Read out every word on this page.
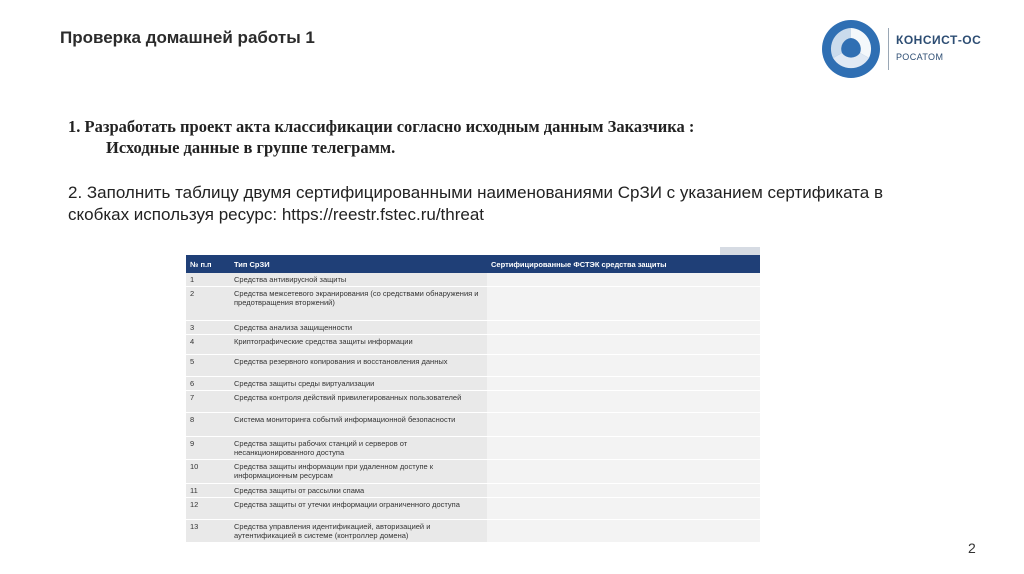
Проверка домашней работы 1	КОНСИСТ-ОС
РОСАТОМ
1. Разработать проект акта классификации согласно исходным данным Заказчика :
Исходные данные в группе телеграмм.
2. Заполнить таблицу двумя сертифицированными наименованиями СрЗИ с указанием сертификата в скобках используя ресурс: https://reestr.fstec.ru/threat
№ п.п	Тип СрЗИ	Сертифицированные ФСТЭК средства защиты
1	Средства антивирусной защиты	
2	Средства межсетевого экранирования (со средствами обнаружения и предотвращения вторжений)	
3	Средства анализа защищенности	
4	Криптографические средства защиты информации	
5	Средства резервного копирования и восстановления данных	
6	Средства защиты среды виртуализации	
7	Средства контроля действий привилегированных пользователей	
8	Система мониторинга событий информационной безопасности	
9	Средства защиты рабочих станций и серверов от несанкционированного доступа	
10	Средства защиты информации при удаленном доступе к информационным ресурсам	
11	Средства защиты от рассылки спама	
12	Средства защиты от утечки информации ограниченного доступа	
13	Средства управления идентификацией, авторизацией и аутентификацией в системе (контроллер домена)	
2
